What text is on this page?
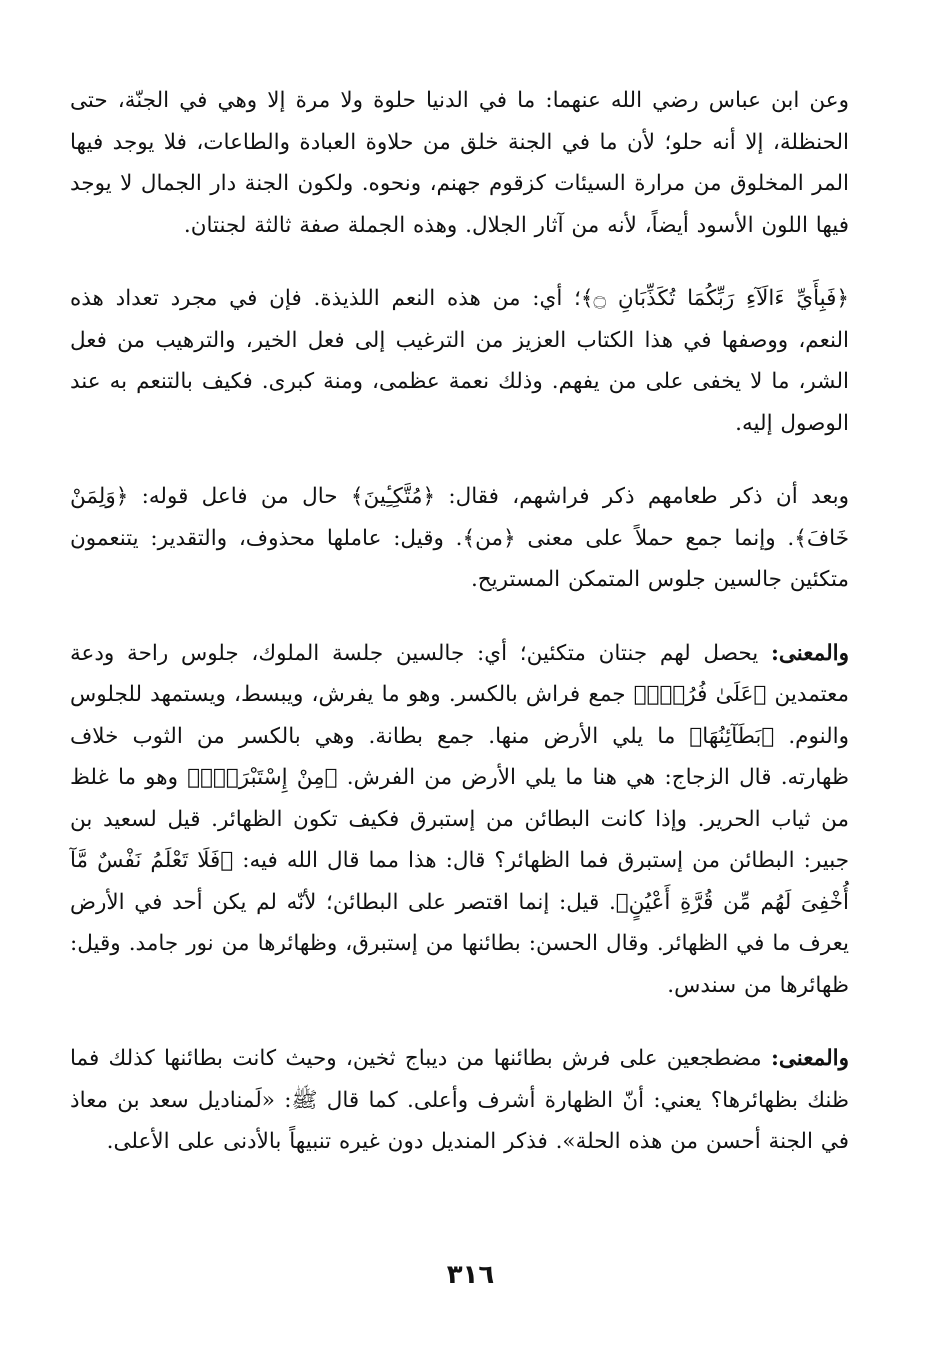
وعن ابن عباس رضي الله عنهما: ما في الدنيا حلوة ولا مرة إلا وهي في الجنّة، حتى الحنظلة، إلا أنه حلو؛ لأن ما في الجنة خلق من حلاوة العبادة والطاعات، فلا يوجد فيها المر المخلوق من مرارة السيئات كزقوم جهنم، ونحوه. ولكون الجنة دار الجمال لا يوجد فيها اللون الأسود أيضاً، لأنه من آثار الجلال. وهذه الجملة صفة ثالثة لجنتان.

﴿فَبِأَيِّ ءَالَآءِ رَبِّكُمَا تُكَذِّبَانِ ۝﴾؛ أي: من هذه النعم اللذيذة. فإن في مجرد تعداد هذه النعم، ووصفها في هذا الكتاب العزيز من الترغيب إلى فعل الخير، والترهيب من فعل الشر، ما لا يخفى على من يفهم. وذلك نعمة عظمى، ومنة كبرى. فكيف بالتنعم به عند الوصول إليه.

وبعد أن ذكر طعامهم ذكر فراشهم، فقال: ﴿مُتَّكِـِٔينَ﴾ حال من فاعل قوله: ﴿وَلِمَنْ خَافَ﴾. وإنما جمع حملاً على معنى ﴿من﴾. وقيل: عاملها محذوف، والتقدير: يتنعمون متكئين جالسين جلوس المتمكن المستريح.

والمعنى: يحصل لهم جنتان متكئين؛ أي: جالسين جلسة الملوك، جلوس راحة ودعة معتمدين ﴿عَلَىٰ فُرُشٍۭ﴾ جمع فراش بالكسر. وهو ما يفرش، ويبسط، ويستمهد للجلوس والنوم. ﴿بَطَآئِنُهَا﴾ ما يلي الأرض منها. جمع بطانة. وهي بالكسر من الثوب خلاف ظهارته. قال الزجاج: هي هنا ما يلي الأرض من الفرش. ﴿مِنْ إِسْتَبْرَقٍۚ﴾ وهو ما غلظ من ثياب الحرير. وإذا كانت البطائن من إستبرق فكيف تكون الظهائر. قيل لسعيد بن جبير: البطائن من إستبرق فما الظهائر؟ قال: هذا مما قال الله فيه: ﴿فَلَا تَعْلَمُ نَفْسٌ مَّآ أُخْفِىَ لَهُم مِّن قُرَّةِ أَعْيُنٍ﴾. قيل: إنما اقتصر على البطائن؛ لأنّه لم يكن أحد في الأرض يعرف ما في الظهائر. وقال الحسن: بطائنها من إستبرق، وظهائرها من نور جامد. وقيل: ظهائرها من سندس.

والمعنى: مضطجعين على فرش بطائنها من ديباج ثخين، وحيث كانت بطائنها كذلك فما ظنك بظهائرها؟ يعني: أنّ الظهارة أشرف وأعلى. كما قال ﷺ: «لَمناديل سعد بن معاذ في الجنة أحسن من هذه الحلة». فذكر المنديل دون غيره تنبيهاً بالأدنى على الأعلى.

٣١٦
